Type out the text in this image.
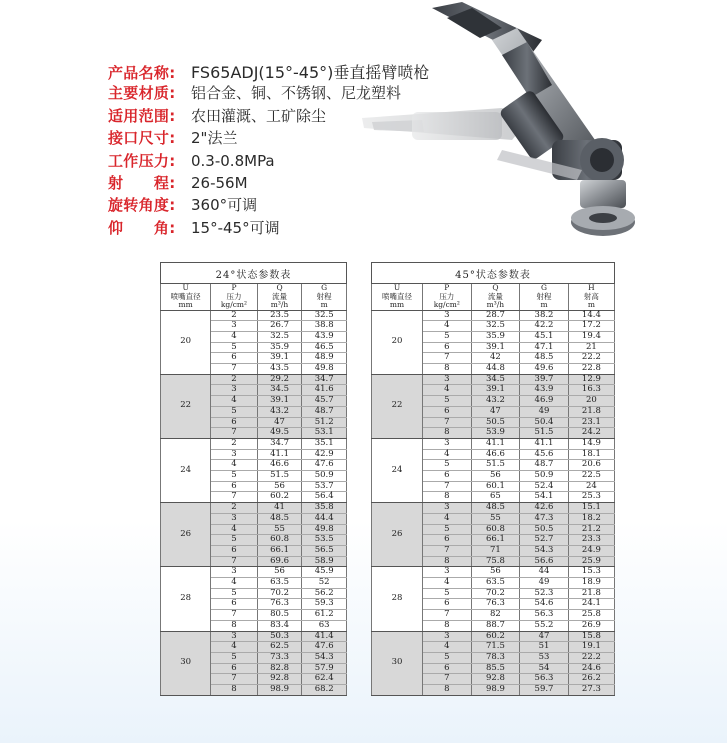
产品名称: FS65ADJ(15°-45°)垂直摇臂喷枪
主要材质:	铝合金、铜、不锈钢、尼龙塑料
适用范围:	农田灌溉、工矿除尘
接口尺寸:	2"法兰
工作压力:	0.3-0.8MPa
射　　程:	26-56M
旋转角度:	360°可调
仰　　角:	15°-45°可调
24°状态参数表			
U	P	Q	G
喷嘴直径	压力	流量	射程
mm	kg/cm²	m³/h	m
20	2	23.5	32.5
	3	26.7	38.8
	4	32.5	43.9
	5	35.9	46.5
	6	39.1	48.9
	7	43.5	49.8
22	2	29.2	34.7
	3	34.5	41.6
	4	39.1	45.7
	5	43.2	48.7
	6	47	51.2
	7	49.5	53.1
24	2	34.7	35.1
	3	41.1	42.9
	4	46.6	47.6
	5	51.5	50.9
	6	56	53.7
	7	60.2	56.4
26	2	41	35.8
	3	48.5	44.4
	4	55	49.8
	5	60.8	53.5
	6	66.1	56.5
	7	69.6	58.9
28	3	56	45.9
	4	63.5	52
	5	70.2	56.2
	6	76.3	59.3
	7	80.5	61.2
	8	83.4	63
30	3	50.3	41.4
	4	62.5	47.6
	5	73.3	54.3
	6	82.8	57.9
	7	92.8	62.4
	8	98.9	68.2
45°状态参数表				
U	P	Q	G	H
喷嘴直径	压力	流量	射程	射高
mm	kg/cm²	m³/h	m	m
20	3	28.7	38.2	14.4
	4	32.5	42.2	17.2
	5	35.9	45.1	19.4
	6	39.1	47.1	21
	7	42	48.5	22.2
	8	44.8	49.6	22.8
22	3	34.5	39.7	12.9
	4	39.1	43.9	16.3
	5	43.2	46.9	20
	6	47	49	21.8
	7	50.5	50.4	23.1
	8	53.9	51.5	24.2
24	3	41.1	41.1	14.9
	4	46.6	45.6	18.1
	5	51.5	48.7	20.6
	6	56	50.9	22.5
	7	60.1	52.4	24
	8	65	54.1	25.3
26	3	48.5	42.6	15.1
	4	55	47.3	18.2
	5	60.8	50.5	21.2
	6	66.1	52.7	23.3
	7	71	54.3	24.9
	8	75.8	56.6	25.9
28	3	56	44	15.3
	4	63.5	49	18.9
	5	70.2	52.3	21.8
	6	76.3	54.6	24.1
	7	82	56.3	25.8
	8	88.7	55.2	26.9
30	3	60.2	47	15.8
	4	71.5	51	19.1
	5	78.3	53	22.2
	6	85.5	54	24.6
	7	92.8	56.3	26.2
	8	98.9	59.7	27.3
